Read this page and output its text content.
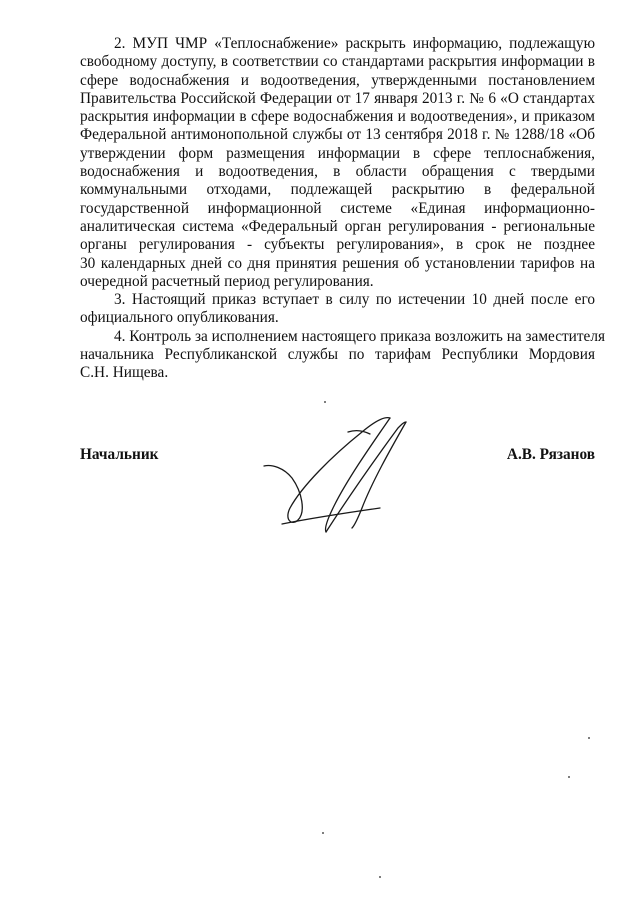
2. МУП ЧМР «Теплоснабжение» раскрыть информацию, подлежащую
свободному доступу, в соответствии со стандартами раскрытия информации в
сфере водоснабжения и водоотведения, утвержденными постановлением
Правительства Российской Федерации от 17 января 2013 г. № 6 «О стандартах
раскрытия информации в сфере водоснабжения и водоотведения», и приказом
Федеральной антимонопольной службы от 13 сентября 2018 г. № 1288/18 «Об
утверждении форм размещения информации в сфере теплоснабжения,
водоснабжения и водоотведения, в области обращения с твердыми
коммунальными отходами, подлежащей раскрытию в федеральной
государственной информационной системе «Единая информационно-
аналитическая система «Федеральный орган регулирования - региональные
органы регулирования - субъекты регулирования», в срок не позднее
30 календарных дней со дня принятия решения об установлении тарифов на
очередной расчетный период регулирования.
3. Настоящий приказ вступает в силу по истечении 10 дней после его
официального опубликования.
4. Контроль за исполнением настоящего приказа возложить на заместителя
начальника Республиканской службы по тарифам Республики Мордовия
С.Н. Нищева.
Начальник	А.В. Рязанов
